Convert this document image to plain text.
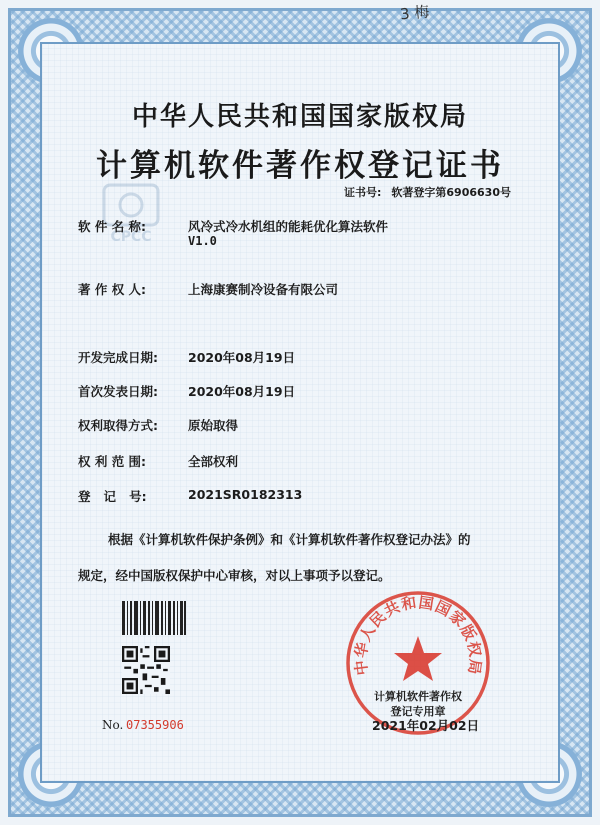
3 梅
中华人民共和国国家版权局
计算机软件著作权登记证书
CPCC
证书号: 软著登字第6906630号
软 件 名 称:	风冷式冷水机组的能耗优化算法软件
V1.0
著 作 权 人:	上海康赛制冷设备有限公司
开发完成日期: 2020年08月19日
首次发表日期: 2020年08月19日
权利取得方式: 原始取得
权 利 范 围:	全部权利
登   记   号:	2021SR0182313
根据《计算机软件保护条例》和《计算机软件著作权登记办法》的
规定，经中国版权保护中心审核，对以上事项予以登记。
No. 07355906
中华人民共和国国家版权局
计算机软件著作权
登记专用章
2021年02月02日
